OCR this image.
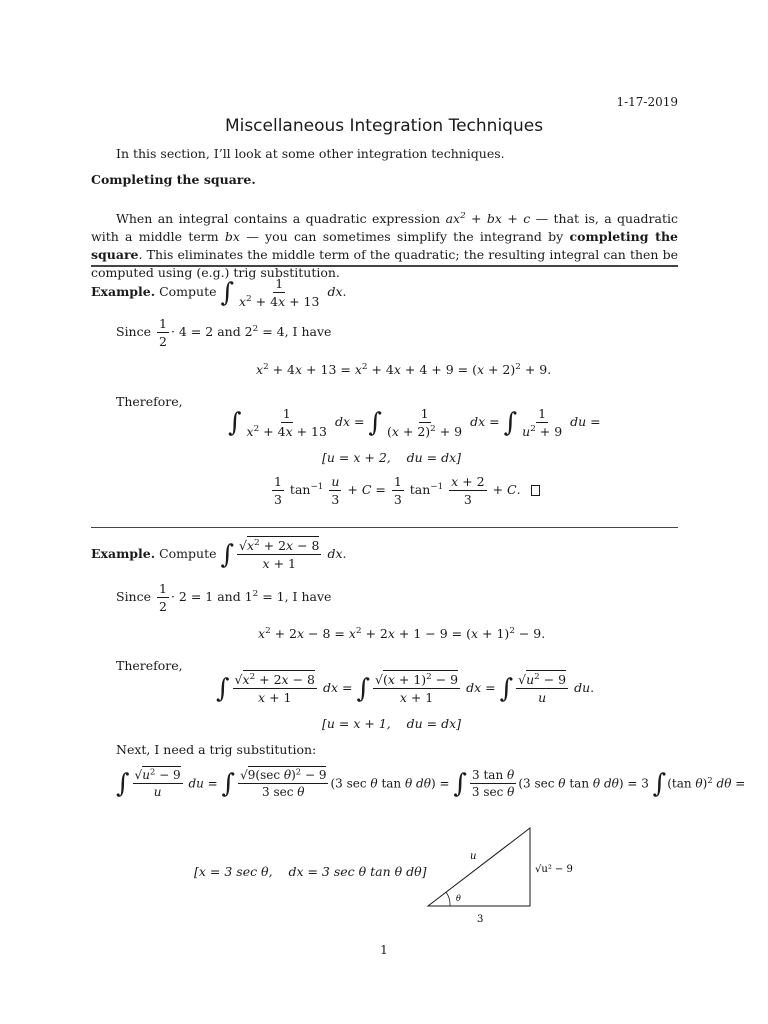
1-17-2019
Miscellaneous Integration Techniques
In this section, I’ll look at some other integration techniques.
Completing the square.

When an integral contains a quadratic expression $ax^2$ + bx + c — that is, a quadratic with a middle term bx — you can sometimes simplify the integrand by completing the square. This eliminates the middle term of the quadratic; the resulting integral can then be computed using (e.g.) trig substitution.

Example. Compute ∫ $\frac{1}{x^2 + 4x + 13}$ dx.
Since $\frac{1}{2} \cdot 4 = 2$ and $2^2 = 4$, I have
$x^2 + 4x + 13 = x^2 + 4x + 4 + 9 = (x + 2)^2 + 9$.
Therefore,
∫ $\frac{1}{x^2 + 4x + 13}$ dx = ∫ $\frac{1}{(x + 2)^2 + 9}$ dx = ∫ $\frac{1}{u^2 + 9}$ du =
[u = x + 2,    du = dx]
$\frac{1}{3} \tan^{-1} \frac{u}{3} + C = \frac{1}{3} \tan^{-1} \frac{x + 2}{3} + C$.
Example. Compute ∫ $\frac{√x^2 + 2x - 8}{x + 1}$ dx.
Since $\frac{1}{2} \cdot 2 = 1$ and $1^2 = 1$, I have
$x^2 + 2x - 8 = x^2 + 2x + 1 - 9 = (x + 1)^2 - 9$.
Therefore,
∫ $\frac{√x^2 + 2x - 8}{x + 1}$ dx = ∫ $\frac{√(x + 1)^2 - 9}{x + 1}$ dx = ∫ $\frac{√u^2 - 9}{u}$ du.
[u = x + 1,    du = dx]
Next, I need a trig substitution:
∫ $\frac{√u^2 - 9}{u}$ du = ∫ $\frac{√9(\sec \theta)^2 - 9}{\text{3 sec θ}} (3$ sec θ tan θ dθ) = ∫ $\frac{\text{3 tan θ}}{\text{3 sec θ}} (3$ sec θ tan θ dθ) = 3 ∫(tan θ)$^2$ dθ =
[x = 3 sec θ,    dx = 3 sec θ tan θ dθ]
u
√u² − 9
3
θ
1
